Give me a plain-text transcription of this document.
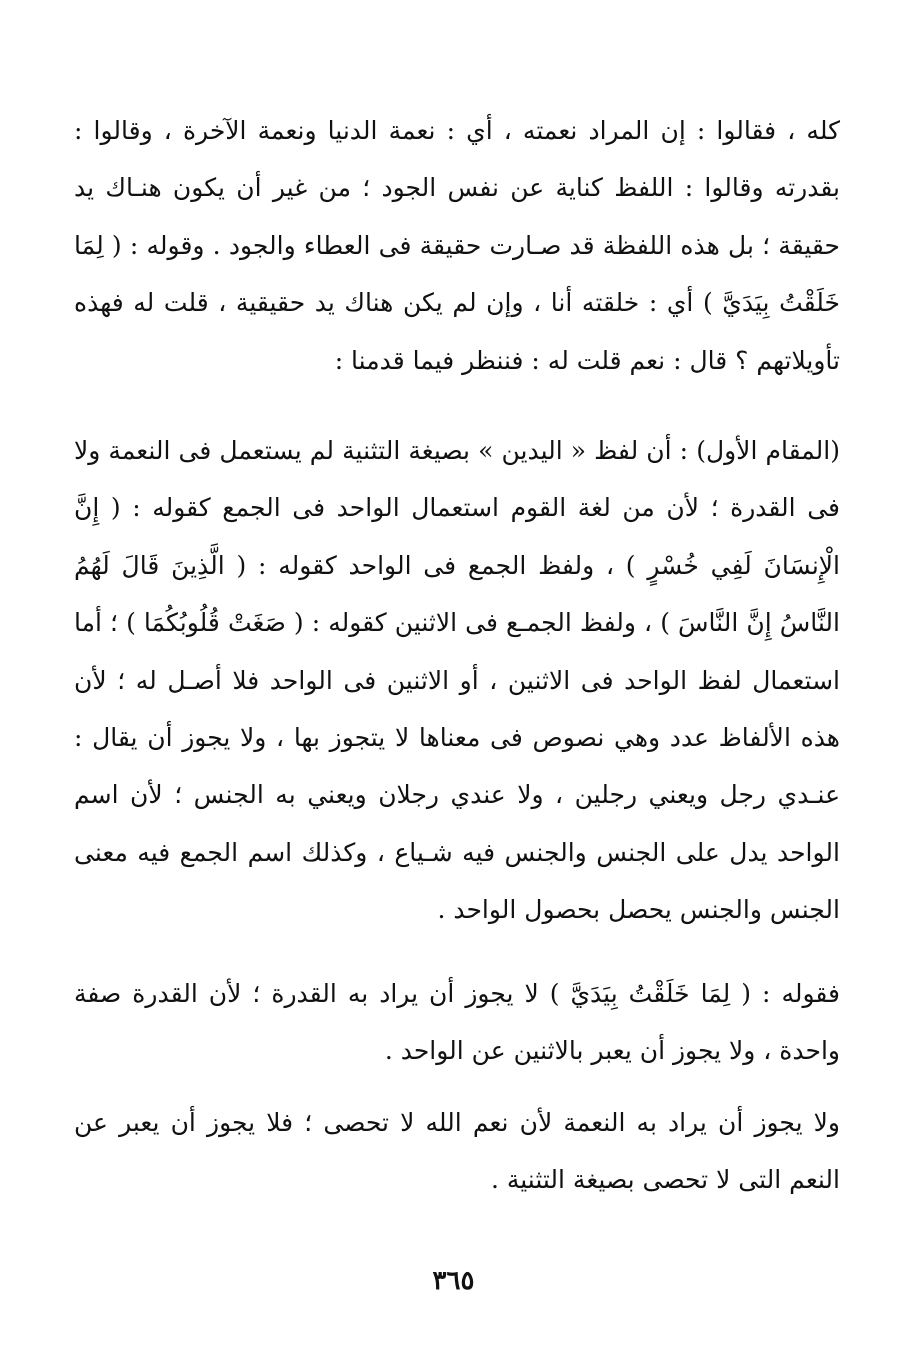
كله ، فقالوا : إن المراد نعمته ، أي : نعمة الدنيا ونعمة الآخرة ، وقالوا : بقدرته وقالوا : اللفظ كناية عن نفس الجود ؛ من غير أن يكون هنـاك يد حقيقة ؛ بل هذه اللفظة قد صـارت حقيقة فى العطاء والجود . وقوله : ( لِمَا خَلَقْتُ بِيَدَيَّ ) أي : خلقته أنا ، وإن لم يكن هناك يد حقيقية ، قلت له فهذه تأويلاتهم ؟ قال : نعم قلت له : فننظر فيما قدمنا :

(المقام الأول) : أن لفظ « اليدين » بصيغة التثنية لم يستعمل فى النعمة ولا فى القدرة ؛ لأن من لغة القوم استعمال الواحد فى الجمع كقوله : ( إِنَّ الْإِنسَانَ لَفِي خُسْرٍ ) ، ولفظ الجمع فى الواحد كقوله : ( الَّذِينَ قَالَ لَهُمُ النَّاسُ إِنَّ النَّاسَ ) ، ولفظ الجمـع فى الاثنين كقوله : ( صَغَتْ قُلُوبُكُمَا ) ؛ أما استعمال لفظ الواحد فى الاثنين ، أو الاثنين فى الواحد فلا أصـل له ؛ لأن هذه الألفاظ عدد وهي نصوص فى معناها لا يتجوز بها ، ولا يجوز أن يقال : عنـدي رجل ويعني رجلين ، ولا عندي رجلان ويعني به الجنس ؛ لأن اسم الواحد يدل على الجنس والجنس فيه شـياع ، وكذلك اسم الجمع فيه معنى الجنس والجنس يحصل بحصول الواحد .

فقوله : ( لِمَا خَلَقْتُ بِيَدَيَّ ) لا يجوز أن يراد به القدرة ؛ لأن القدرة صفة واحدة ، ولا يجوز أن يعبر بالاثنين عن الواحد .

ولا يجوز أن يراد به النعمة لأن نعم الله لا تحصى ؛ فلا يجوز أن يعبر عن النعم التى لا تحصى بصيغة التثنية .

٣٦٥
